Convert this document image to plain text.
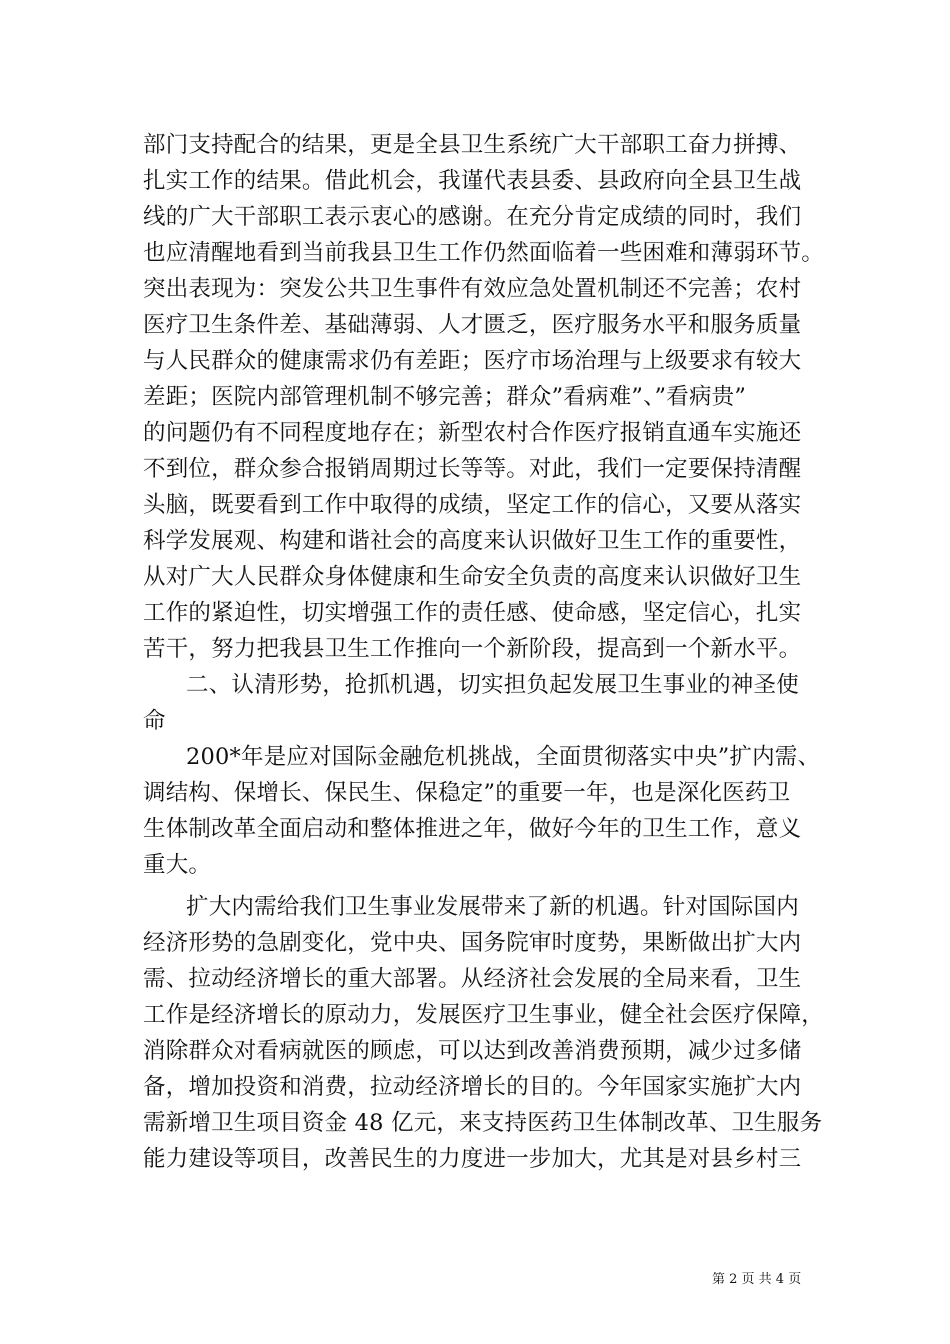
部门支持配合的结果，更是全县卫生系统广大干部职工奋力拼搏、
扎实工作的结果。借此机会，我谨代表县委、县政府向全县卫生战
线的广大干部职工表示衷心的感谢。在充分肯定成绩的同时，我们
也应清醒地看到当前我县卫生工作仍然面临着一些困难和薄弱环节。
突出表现为：突发公共卫生事件有效应急处置机制还不完善；农村
医疗卫生条件差、基础薄弱、人才匮乏，医疗服务水平和服务质量
与人民群众的健康需求仍有差距；医疗市场治理与上级要求有较大
差距；医院内部管理机制不够完善；群众”看病难”、”看病贵”
的问题仍有不同程度地存在；新型农村合作医疗报销直通车实施还
不到位，群众参合报销周期过长等等。对此，我们一定要保持清醒
头脑，既要看到工作中取得的成绩，坚定工作的信心，又要从落实
科学发展观、构建和谐社会的高度来认识做好卫生工作的重要性，
从对广大人民群众身体健康和生命安全负责的高度来认识做好卫生
工作的紧迫性，切实增强工作的责任感、使命感，坚定信心，扎实
苦干，努力把我县卫生工作推向一个新阶段，提高到一个新水平。
二、认清形势，抢抓机遇，切实担负起发展卫生事业的神圣使
命
200*年是应对国际金融危机挑战，全面贯彻落实中央”扩内需、
调结构、保增长、保民生、保稳定”的重要一年，也是深化医药卫
生体制改革全面启动和整体推进之年，做好今年的卫生工作，意义
重大。
扩大内需给我们卫生事业发展带来了新的机遇。针对国际国内
经济形势的急剧变化，党中央、国务院审时度势，果断做出扩大内
需、拉动经济增长的重大部署。从经济社会发展的全局来看，卫生
工作是经济增长的原动力，发展医疗卫生事业，健全社会医疗保障，
消除群众对看病就医的顾虑，可以达到改善消费预期，减少过多储
备，增加投资和消费，拉动经济增长的目的。今年国家实施扩大内
需新增卫生项目资金 48 亿元，来支持医药卫生体制改革、卫生服务
能力建设等项目，改善民生的力度进一步加大，尤其是对县乡村三
第 2 页 共 4 页
